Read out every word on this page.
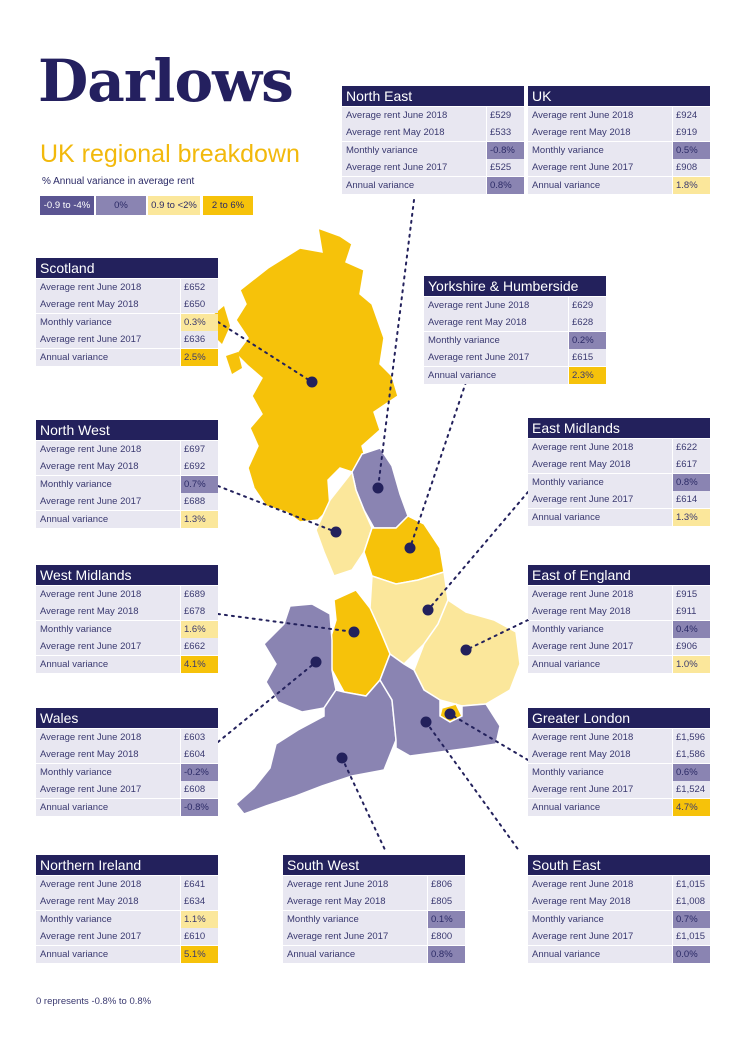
Darlows
UK regional breakdown
% Annual variance in average rent
-0.9 to -4%	0%	0.9 to <2%	2 to 6%
North East
Average rent June 2018	£529
Average rent May 2018	£533
Monthly variance	-0.8%
Average rent June 2017	£525
Annual variance	0.8%
UK
Average rent June 2018	£924
Average rent May 2018	£919
Monthly variance	0.5%
Average rent June 2017	£908
Annual variance	1.8%
Scotland
Average rent June 2018	£652
Average rent May 2018	£650
Monthly variance	0.3%
Average rent June 2017	£636
Annual variance	2.5%
Yorkshire & Humberside
Average rent June 2018	£629
Average rent May 2018	£628
Monthly variance	0.2%
Average rent June 2017	£615
Annual variance	2.3%
North West
Average rent June 2018	£697
Average rent May 2018	£692
Monthly variance	0.7%
Average rent June 2017	£688
Annual variance	1.3%
East Midlands
Average rent June 2018	£622
Average rent May 2018	£617
Monthly variance	0.8%
Average rent June 2017	£614
Annual variance	1.3%
West Midlands
Average rent June 2018	£689
Average rent May 2018	£678
Monthly variance	1.6%
Average rent June 2017	£662
Annual variance	4.1%
East of England
Average rent June 2018	£915
Average rent May 2018	£911
Monthly variance	0.4%
Average rent June 2017	£906
Annual variance	1.0%
Wales
Average rent June 2018	£603
Average rent May 2018	£604
Monthly variance	-0.2%
Average rent June 2017	£608
Annual variance	-0.8%
Greater London
Average rent June 2018	£1,596
Average rent May 2018	£1,586
Monthly variance	0.6%
Average rent June 2017	£1,524
Annual variance	4.7%
Northern Ireland
Average rent June 2018	£641
Average rent May 2018	£634
Monthly variance	1.1%
Average rent June 2017	£610
Annual variance	5.1%
South West
Average rent June 2018	£806
Average rent May 2018	£805
Monthly variance	0.1%
Average rent June 2017	£800
Annual variance	0.8%
South East
Average rent June 2018	£1,015
Average rent May 2018	£1,008
Monthly variance	0.7%
Average rent June 2017	£1,015
Annual variance	0.0%
0 represents -0.8% to 0.8%
